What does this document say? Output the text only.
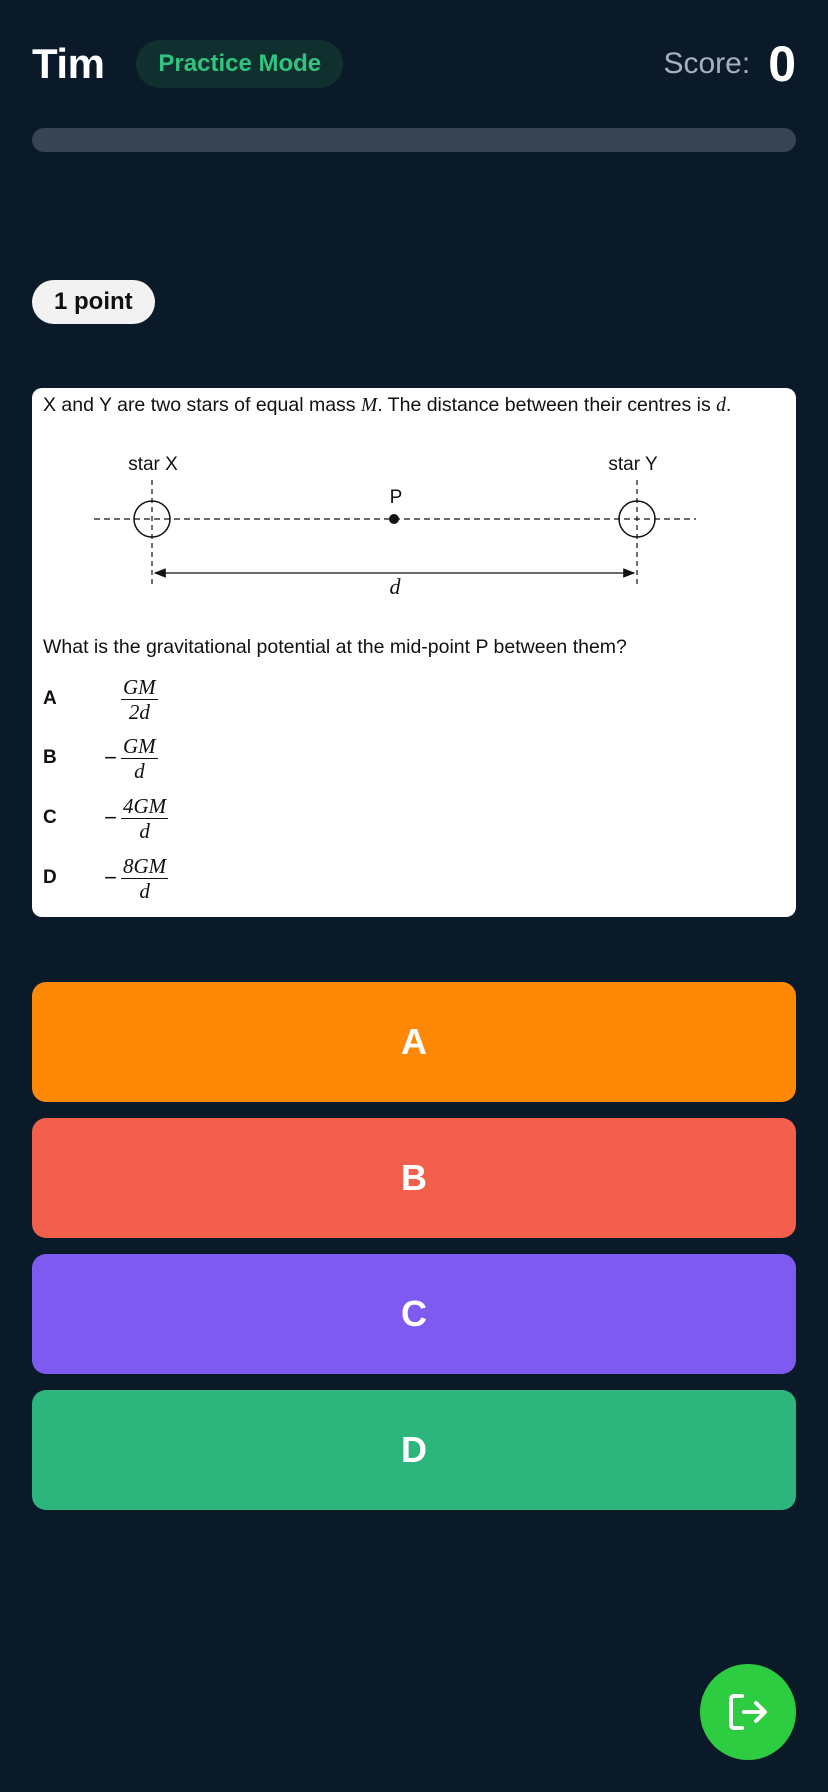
Tim	Practice Mode	Score: 0
1 point
X and Y are two stars of equal mass M. The distance between their centres is d.
star X	star Y
P
d
What is the gravitational potential at the mid-point P between them?
A	$\frac{GM}{2d}$
B	− $\frac{GM}{d}$
C	− $\frac{4GM}{d}$
D	− $\frac{8GM}{d}$
A
B
C
D
